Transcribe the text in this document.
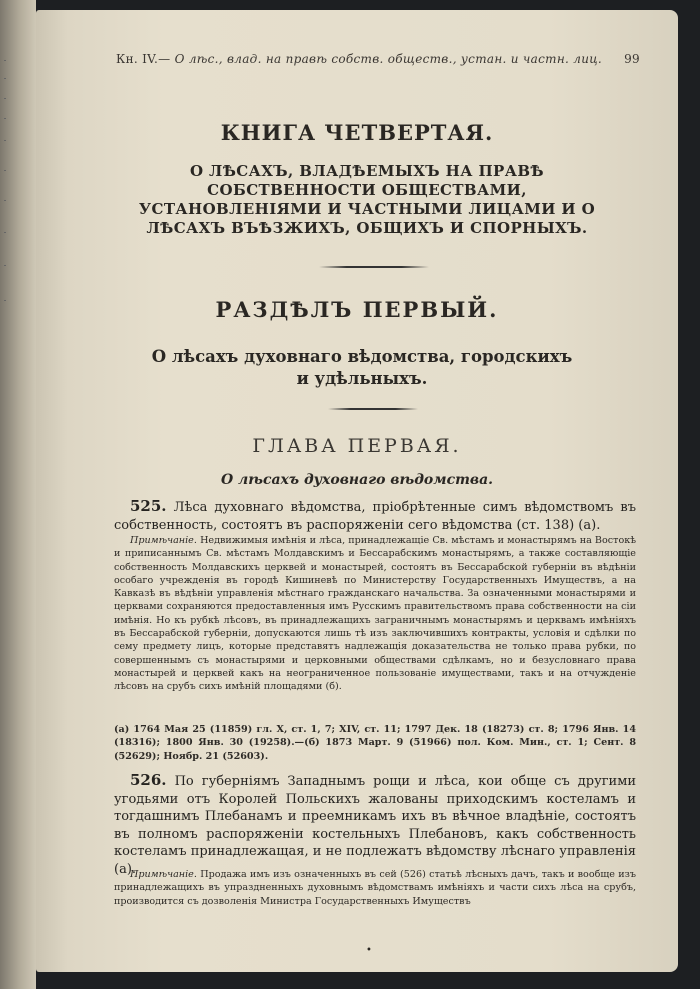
Кн. IV.— О лѣс., влад. на правѣ собств. обществ., устан. и частн. лиц. 99
КНИГА ЧЕТВЕРТАЯ.
О ЛѢСАХЪ, ВЛАДѢЕМЫХЪ НА ПРАВѢ СОБСТВЕННОСТИ ОБЩЕСТВАМИ, УСТАНОВЛЕНІЯМИ И ЧАСТНЫМИ ЛИЦАМИ И О ЛѢСАХЪ ВЪѢЗЖИХЪ, ОБЩИХЪ И СПОРНЫХЪ.
РАЗДѢЛЪ ПЕРВЫЙ.
О лѣсахъ духовнаго вѣдомства, городскихъ и удѣльныхъ.
ГЛАВА ПЕРВАЯ.
О лѣсахъ духовнаго вѣдомства.
525. Лѣса духовнаго вѣдомства, пріобрѣтенные симъ вѣдомствомъ въ собственность, состоятъ въ распоряженіи сего вѣдомства (ст. 138) (а).
Примѣчаніе. Недвижимыя имѣнія и лѣса, принадлежащіе Св. мѣстамъ и монастырямъ на Востокѣ и приписаннымъ Св. мѣстамъ Молдавскимъ и Бессарабскимъ монастырямъ, а также составляющіе собственность Молдавскихъ церквей и монастырей, состоятъ въ Бессарабской губерніи въ вѣдѣніи особаго учрежденія въ городѣ Кишиневѣ по Министерству Государственныхъ Имуществъ, а на Кавказѣ въ вѣдѣніи управленія мѣстнаго гражданскаго начальства. За означенными монастырями и церквами сохраняются предоставленныя имъ Русскимъ правительствомъ права собственности на сіи имѣнія. Но къ рубкѣ лѣсовъ, въ принадлежащихъ заграничнымъ монастырямъ и церквамъ имѣніяхъ въ Бессарабской губерніи, допускаются лишь тѣ изъ заключившихъ контракты, условія и сдѣлки по сему предмету лицъ, которые представятъ надлежащія доказательства не только права рубки, по совершеннымъ съ монастырями и церковными обществами сдѣлкамъ, но и безусловнаго права монастырей и церквей какъ на неограниченное пользованіе имуществами, такъ и на отчужденіе лѣсовъ на срубъ сихъ имѣній площадями (б).
(а) 1764 Мая 25 (11859) гл. X, ст. 1, 7; XIV, ст. 11; 1797 Дек. 18 (18273) ст. 8; 1796 Янв. 14 (18316); 1800 Янв. 30 (19258).—(б) 1873 Март. 9 (51966) пол. Ком. Мин., ст. 1; Сент. 8 (52629); Ноябр. 21 (52603).
526. По губерніямъ Западнымъ рощи и лѣса, кои обще съ другими угодьями отъ Королей Польскихъ жалованы приходскимъ костеламъ и тогдашнимъ Плебанамъ и преемникамъ ихъ въ вѣчное владѣніе, состоятъ въ полномъ распоряженіи костельныхъ Плебановъ, какъ собственность костеламъ принадлежащая, и не подлежатъ вѣдомству лѣснаго управленія (а).
Примѣчаніе. Продажа имъ изъ означенныхъ въ сей (526) статьѣ лѣсныхъ дачъ, такъ и вообще изъ принадлежащихъ въ упраздненныхъ духовнымъ вѣдомствамъ имѣніяхъ и части сихъ лѣса на срубъ, производится съ дозволенія Министра Государственныхъ Имуществъ
•
